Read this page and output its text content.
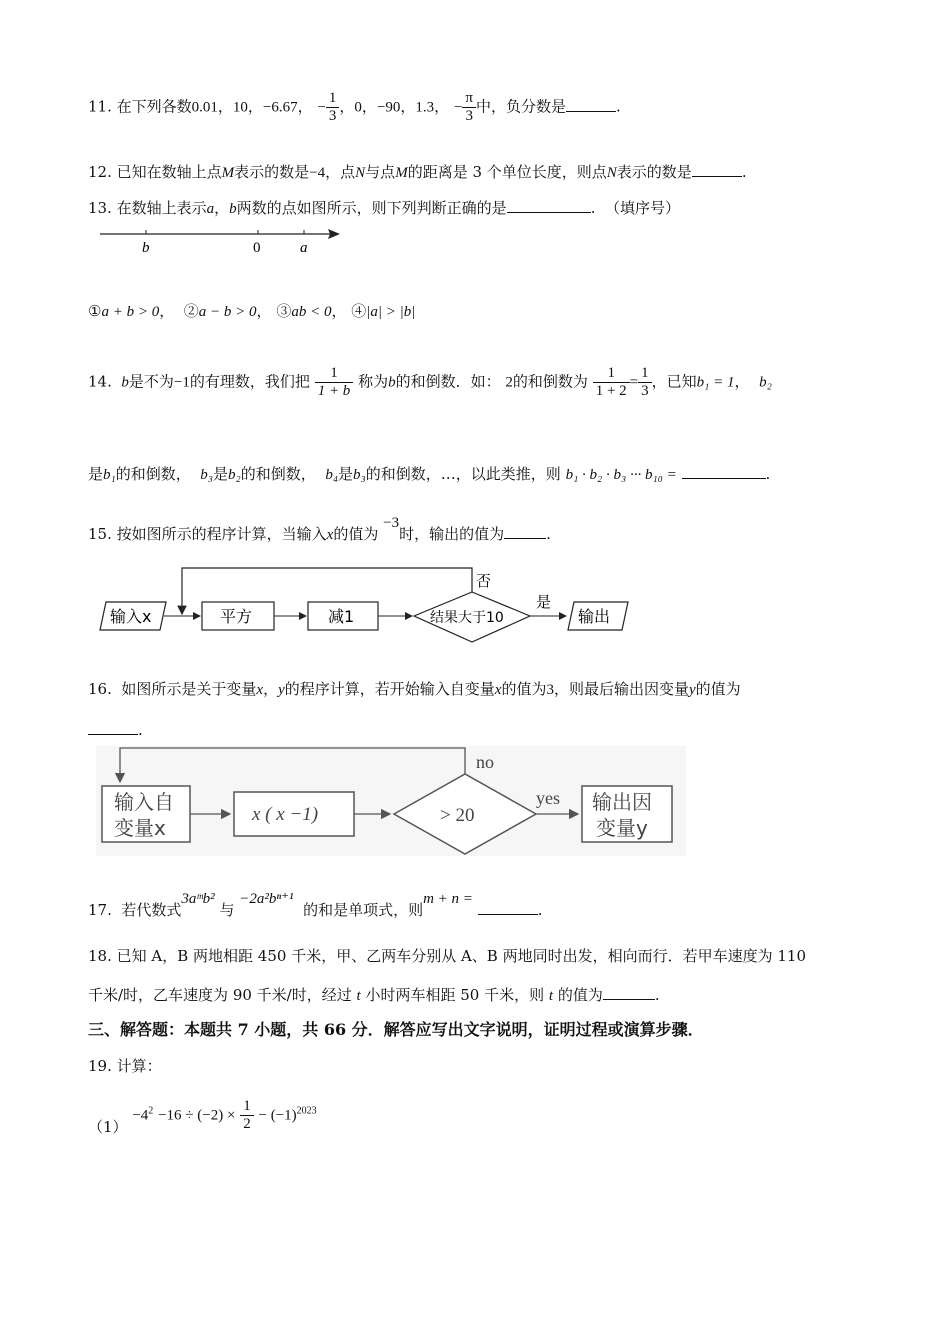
11. 在下列各数0.01，10，−6.67， − $\frac{1}{3}$ ，0，−90，1.3， − $\frac{\pi}{3}$ 中，负分数是	.
12. 已知在数轴上点M表示的数是−4，点N与点M的距离是 3 个单位长度，则点N表示的数是	.
13. 在数轴上表示a，b两数的点如图所示，则下列判断正确的是	. （填序号）
b	0	a
①a + b > 0， ②a − b > 0， ③ab < 0， ④|a| > |b|
14. b是不为−1的有理数，我们把 $\frac{1}{1 + b}$ 称为b的和倒数．如： 2的和倒数为 $\frac{1}{1 + 2} = \frac{1}{3}$ ，已知b₁ = 1， b₂
是b₁的和倒数， b₃是b₂的和倒数， b₄是b₃的和倒数，…，以此类推，则 b₁ · b₂ · b₃ ··· b₁₀ =	.
15. 按如图所示的程序计算，当输入x的值为 −3时，输出的值为	.
输入x	平方	减1	结果大于10
否
是
输出
16. 如图所示是关于变量x，y的程序计算，若开始输入自变量x的值为3，则最后输出因变量y的值为
.
输入自
变量x
x ( x −1)	> 20
no
yes 输出因
变量y
17. 若代数式3aᵐb² 与 −2a²bⁿ⁺¹  的和是单项式，则m + n = .
18. 已知 A，B 两地相距 450 千米，甲、乙两车分别从 A、B 两地同时出发，相向而行．若甲车速度为 110
千米/时，乙车速度为 90 千米/时，经过 t 小时两车相距 50 千米，则 t 的值为	.
三、解答题：本题共 7 小题，共 66 分．解答应写出文字说明，证明过程或演算步骤．
19. 计算：
$(1) -4^2 -16 \div (-2) \times \frac{1}{2} - (-1)^{2023}$
